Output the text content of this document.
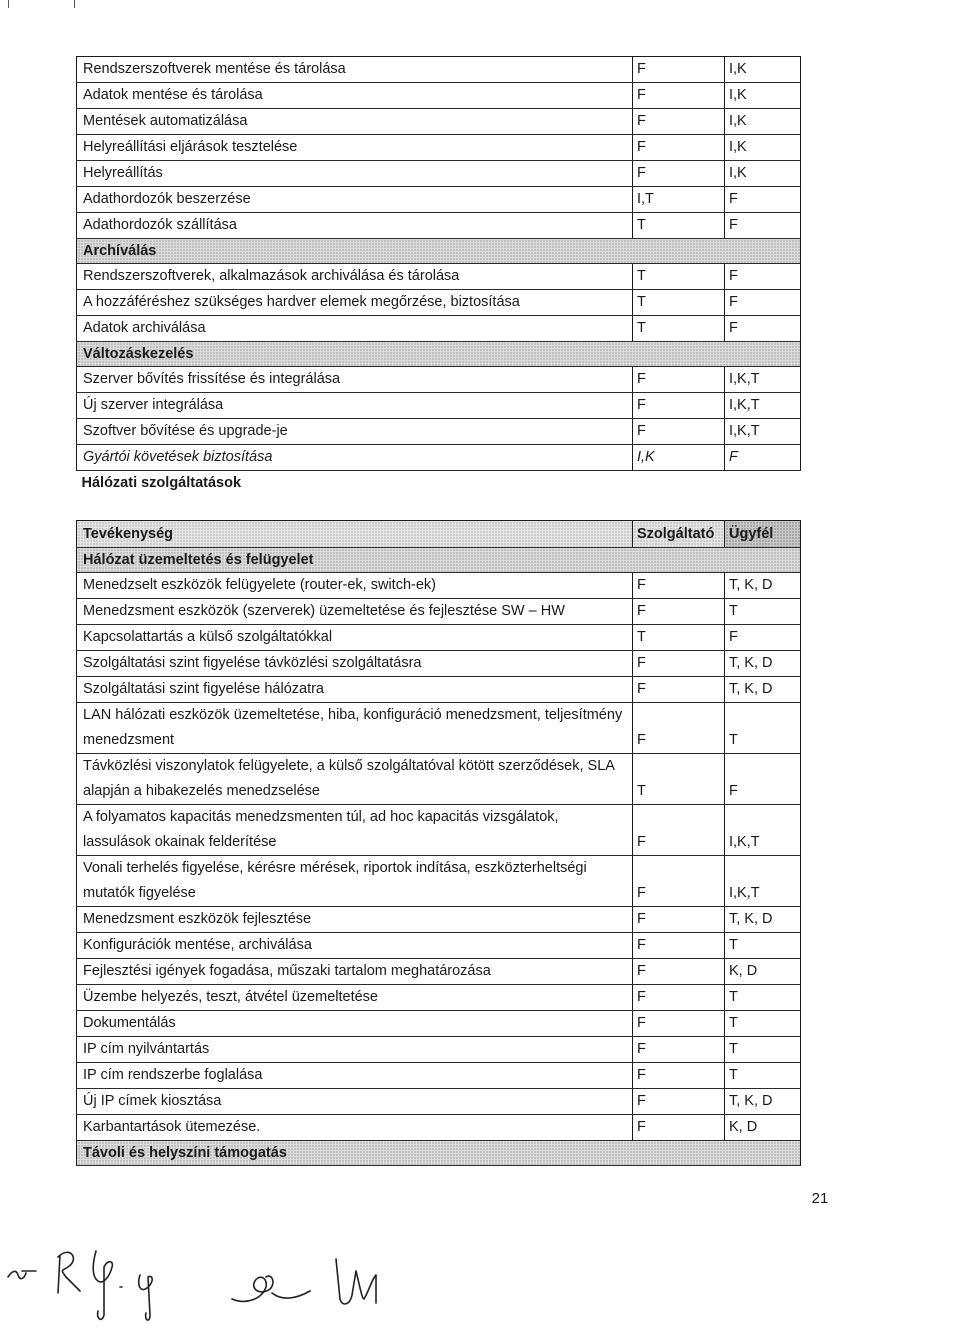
Rendszerszoftverek mentése és tárolása	F	I,K
Adatok mentése és tárolása	F	I,K
Mentések automatizálása	F	I,K
Helyreállítási eljárások tesztelése	F	I,K
Helyreállítás	F	I,K
Adathordozók beszerzése	I,T	F
Adathordozók szállítása	T	F
Archíválás		
Rendszerszoftverek, alkalmazások archiválása és tárolása	T	F
A hozzáféréshez szükséges hardver elemek megőrzése, biztosítása	T	F
Adatok archiválása	T	F
Változáskezelés		
Szerver bővítés frissítése és integrálása	F	I,K,T
Új szerver integrálása	F	I,K,T
Szoftver bővítése és upgrade-je	F	I,K,T
Gyártói követések biztosítása	I,K	F
Hálózati szolgáltatások		
Tevékenység	Szolgáltató	Ügyfél
Hálózat üzemeltetés és felügyelet		
Menedzselt eszközök felügyelete (router-ek, switch-ek)	F	T, K, D
Menedzsment eszközök (szerverek) üzemeltetése és fejlesztése SW – HW	F	T
Kapcsolattartás a külső szolgáltatókkal	T	F
Szolgáltatási szint figyelése távközlési szolgáltatásra	F	T, K, D
Szolgáltatási szint figyelése hálózatra	F	T, K, D
LAN hálózati eszközök üzemeltetése, hiba, konfiguráció menedzsment, teljesítmény menedzsment	F	T
Távközlési viszonylatok felügyelete, a külső szolgáltatóval kötött szerződések, SLA alapján a hibakezelés menedzselése	T	F
A folyamatos kapacitás menedzsmenten túl, ad hoc kapacitás vizsgálatok, lassulások okainak felderítése	F	I,K,T
Vonali terhelés figyelése, kérésre mérések, riportok indítása, eszközterheltségi mutatók figyelése	F	I,K,T
Menedzsment eszközök fejlesztése	F	T, K, D
Konfigurációk mentése, archiválása	F	T
Fejlesztési igények fogadása, műszaki tartalom meghatározása	F	K, D
Üzembe helyezés, teszt, átvétel üzemeltetése	F	T
Dokumentálás	F	T
IP cím nyilvántartás	F	T
IP cím rendszerbe foglalása	F	T
Új IP címek kiosztása	F	T, K, D
Karbantartások ütemezése.	F	K, D
Távoli és helyszíni támogatás		
21
